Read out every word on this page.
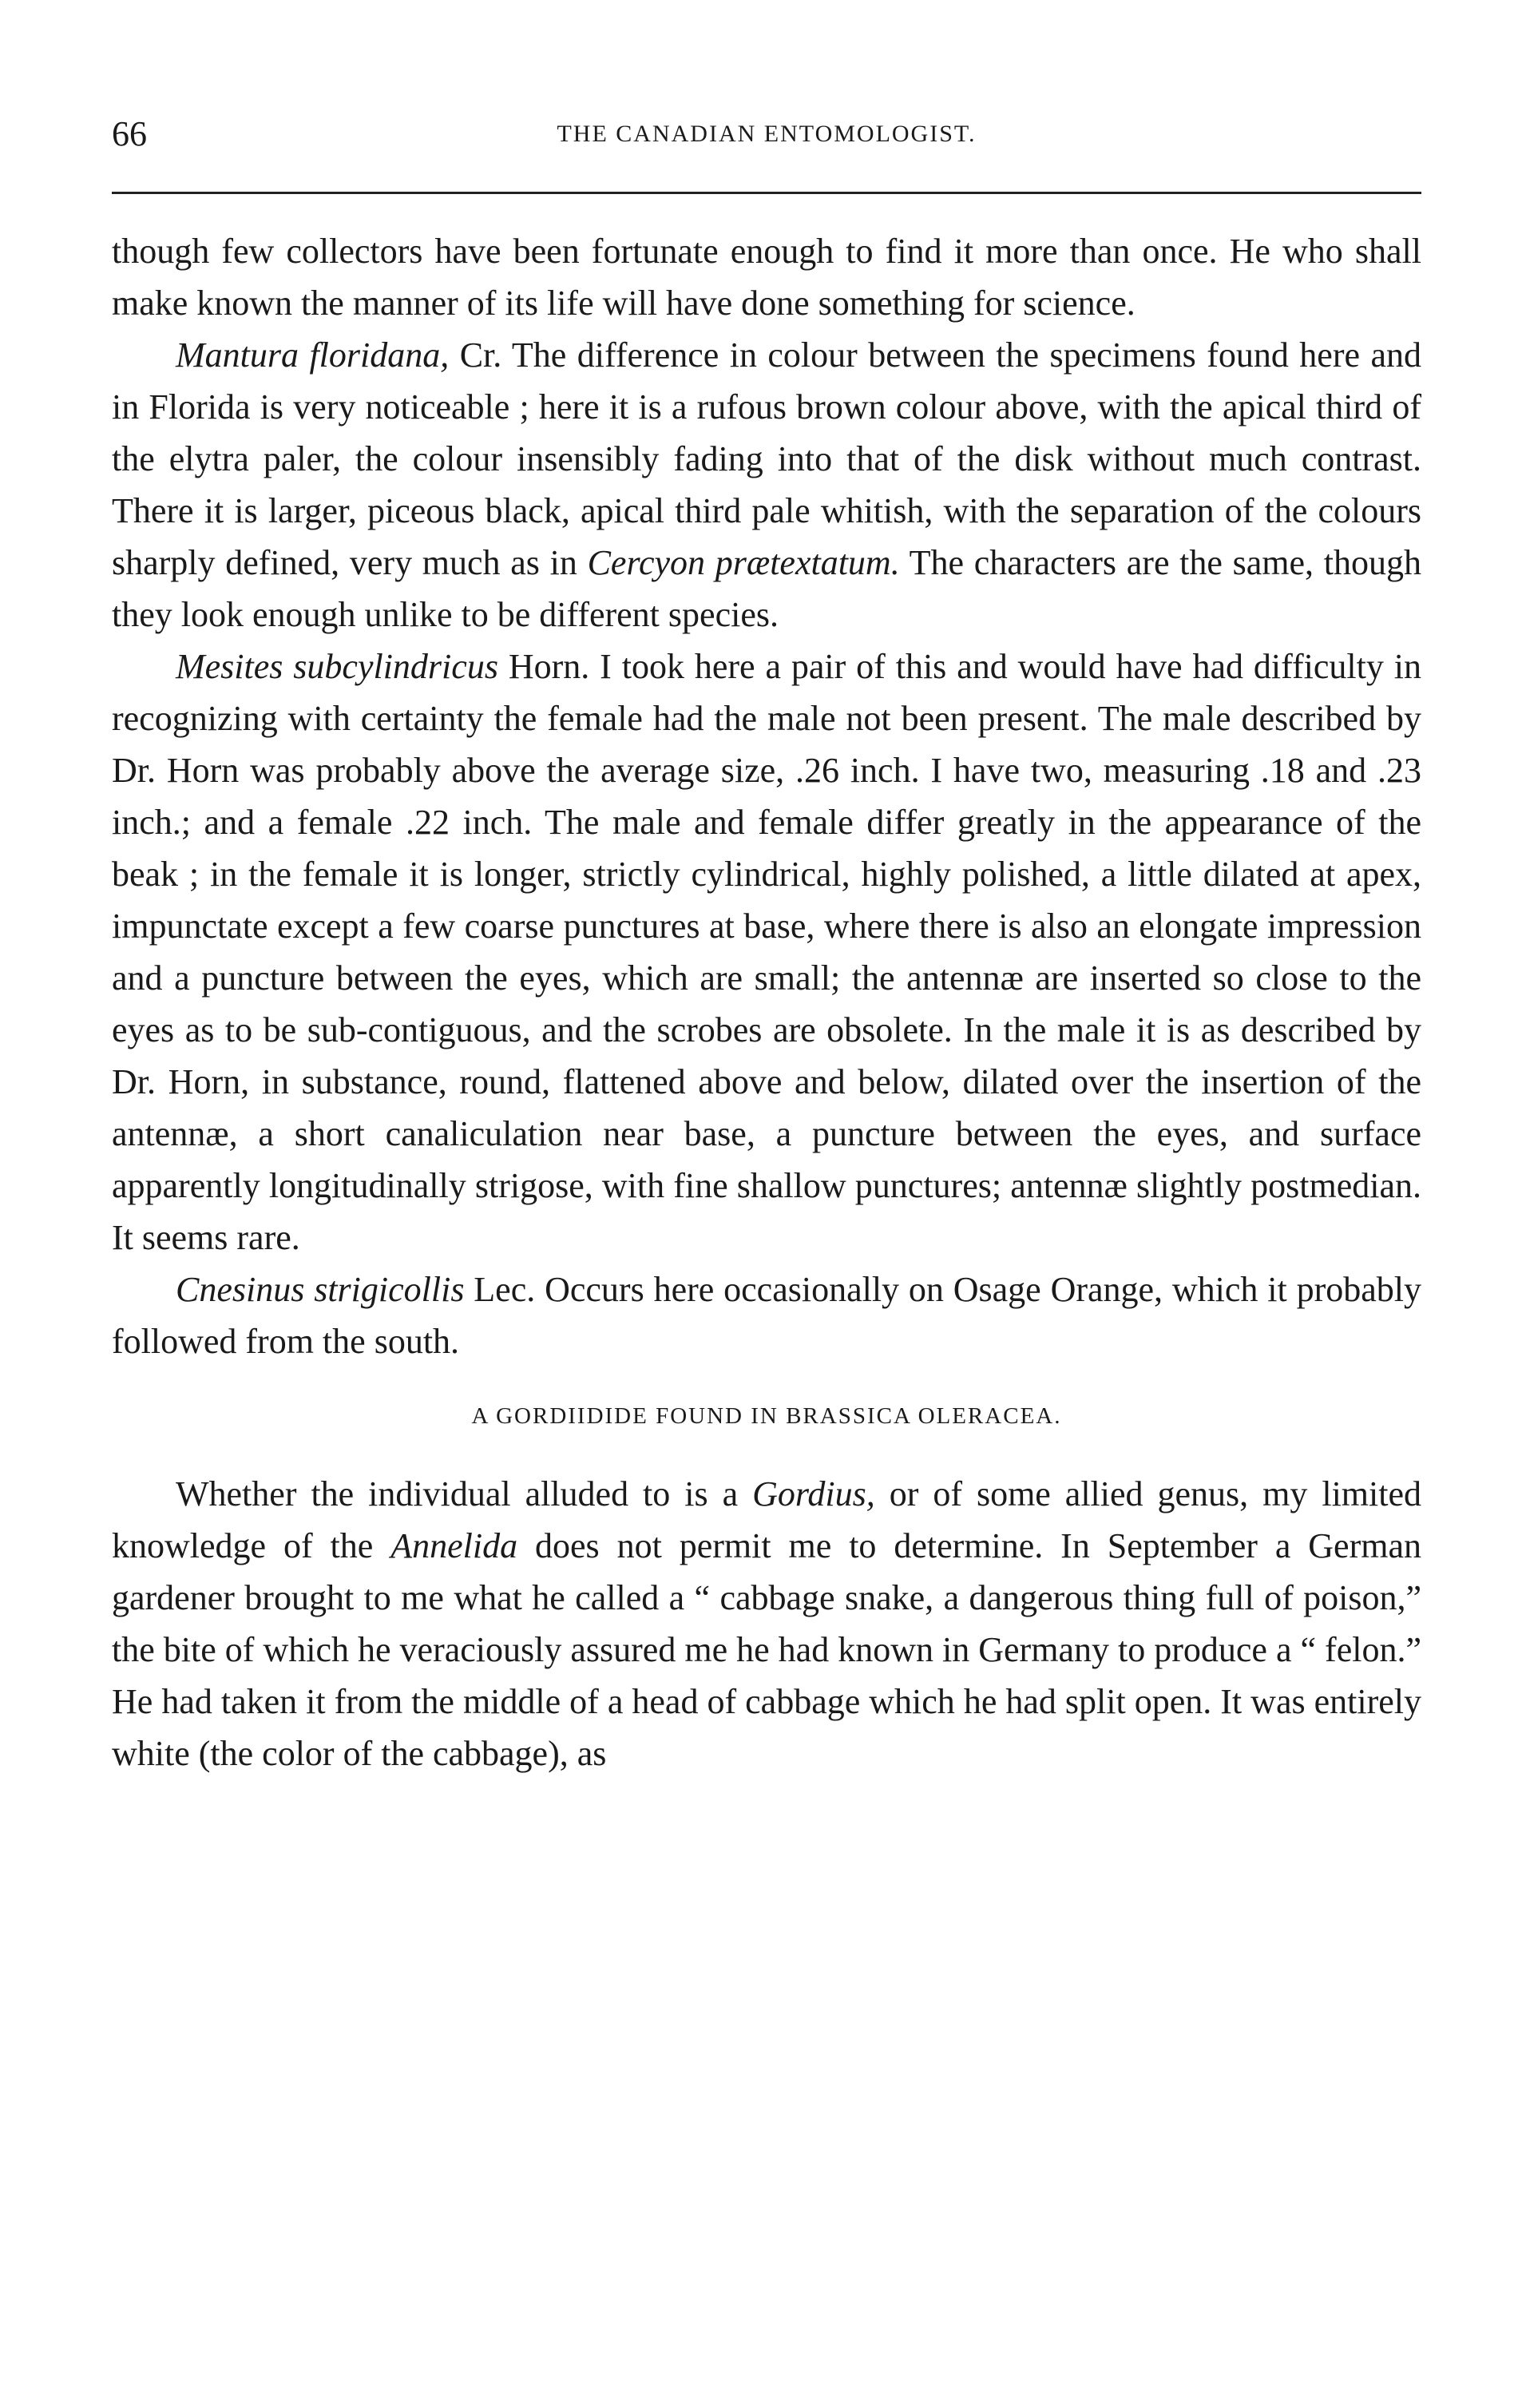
66	THE CANADIAN ENTOMOLOGIST.

though few collectors have been fortunate enough to find it more than once. He who shall make known the manner of its life will have done something for science.

Mantura floridana, Cr. The difference in colour between the specimens found here and in Florida is very noticeable ; here it is a rufous brown colour above, with the apical third of the elytra paler, the colour insensibly fading into that of the disk without much contrast. There it is larger, piceous black, apical third pale whitish, with the separation of the colours sharply defined, very much as in Cercyon prætextatum. The characters are the same, though they look enough unlike to be different species.

Mesites subcylindricus Horn. I took here a pair of this and would have had difficulty in recognizing with certainty the female had the male not been present. The male described by Dr. Horn was probably above the average size, .26 inch. I have two, measuring .18 and .23 inch.; and a female .22 inch. The male and female differ greatly in the appearance of the beak ; in the female it is longer, strictly cylindrical, highly polished, a little dilated at apex, impunctate except a few coarse punctures at base, where there is also an elongate impression and a puncture between the eyes, which are small; the antennæ are inserted so close to the eyes as to be sub-contiguous, and the scrobes are obsolete. In the male it is as described by Dr. Horn, in substance, round, flattened above and below, dilated over the insertion of the antennæ, a short canaliculation near base, a puncture between the eyes, and surface apparently longitudinally strigose, with fine shallow punctures; antennæ slightly postmedian. It seems rare.

Cnesinus strigicollis Lec. Occurs here occasionally on Osage Orange, which it probably followed from the south.

A GORDIIDIDE FOUND IN BRASSICA OLERACEA.

Whether the individual alluded to is a Gordius, or of some allied genus, my limited knowledge of the Annelida does not permit me to determine. In September a German gardener brought to me what he called a “ cabbage snake, a dangerous thing full of poison,” the bite of which he veraciously assured me he had known in Germany to produce a “ felon.” He had taken it from the middle of a head of cabbage which he had split open. It was entirely white (the color of the cabbage), as
